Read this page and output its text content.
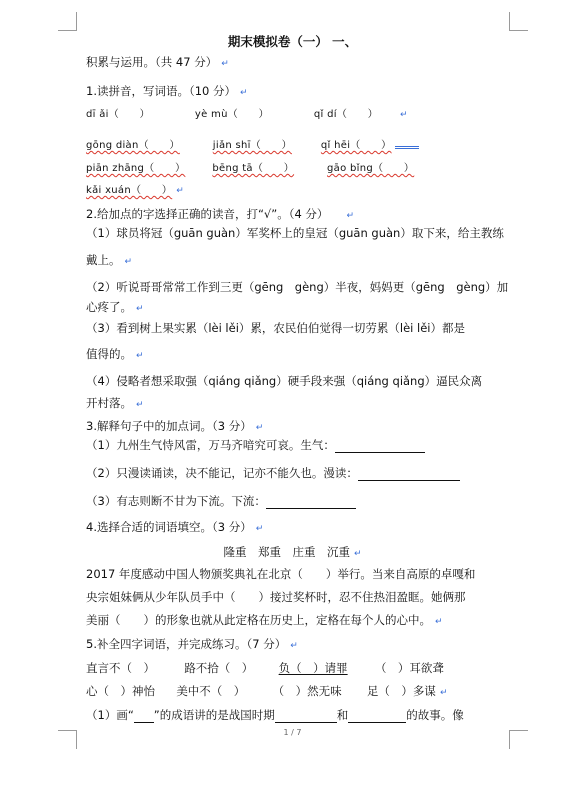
期末模拟卷（一） 一、
积累与运用。（共 47 分） ↵
1.读拼音，写词语。（10 分） ↵
dī ǎi（　　）	yè mù（　　）	qǐ dí（　　） ↵
gōng diàn（　　）	jiǎn shī（　　）	qǐ hēi（　　）
piān zhāng（　　）	bēng tā（　　）	gāo bǐng（　　）
kǎi xuán（　　） ↵
2.给加点的字选择正确的读音，打“√”。（4 分） ↵
（1）球员将冠（guān guàn）军奖杯上的皇冠（guān guàn）取下来，给主教练
戴上。 ↵
（2）听说哥哥常常工作到三更（gēng　gèng）半夜，妈妈更（gēng　gèng）加
心疼了。 ↵
（3）看到树上果实累（lèi lěi）累，农民伯伯觉得一切劳累（lèi lěi）都是
值得的。 ↵
（4）侵略者想采取强（qiáng qiǎng）硬手段来强（qiáng qiǎng）逼民众离
开村落。 ↵
3.解释句子中的加点词。（3 分） ↵
（1）九州生气恃风雷，万马齐喑究可哀。生气：
（2）只漫读诵读，决不能记，记亦不能久也。漫读：
（3）有志则断不甘为下流。下流：
4.选择合适的词语填空。（3 分） ↵
隆重　郑重　庄重　沉重 ↵
2017 年度感动中国人物颁奖典礼在北京（　　）举行。当来自高原的卓嘎和
央宗姐妹俩从少年队员手中（　　）接过奖杯时，忍不住热泪盈眶。她俩那
美丽（　　）的形象也就从此定格在历史上，定格在每个人的心中。 ↵
5.补全四字词语，并完成练习。（7 分） ↵
直言不（　）	路不拾（　） 负（　）请罪 （　）耳欲聋
心（　）神怡 美中不（　） （　）然无味 足（　）多谋 ↵
（1）画“ ”的成语讲的是战国时期	和	的故事。像
1 / 7
